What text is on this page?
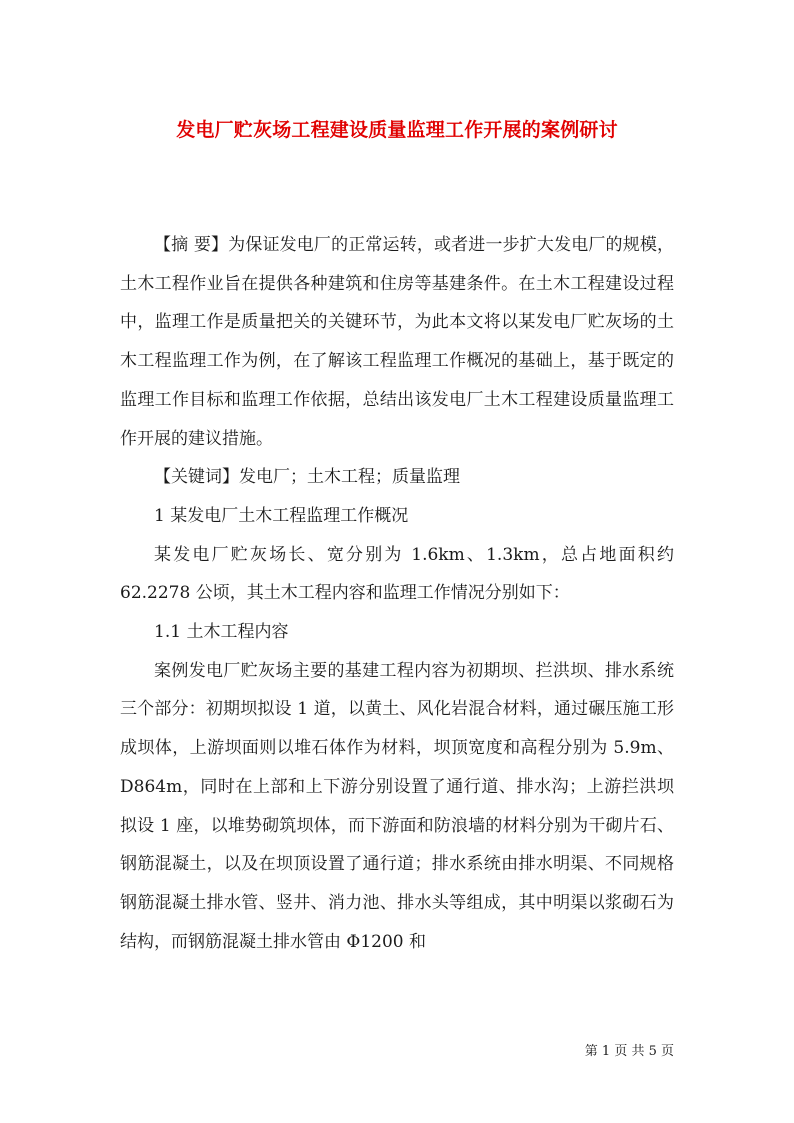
发电厂贮灰场工程建设质量监理工作开展的案例研讨

【摘 要】为保证发电厂的正常运转，或者进一步扩大发电厂的规模，土木工程作业旨在提供各种建筑和住房等基建条件。在土木工程建设过程中，监理工作是质量把关的关键环节，为此本文将以某发电厂贮灰场的土木工程监理工作为例，在了解该工程监理工作概况的基础上，基于既定的监理工作目标和监理工作依据，总结出该发电厂土木工程建设质量监理工作开展的建议措施。

【关键词】发电厂；土木工程；质量监理

1 某发电厂土木工程监理工作概况

某发电厂贮灰场长、宽分别为 1.6km、1.3km，总占地面积约 62.2278 公顷，其土木工程内容和监理工作情况分别如下：

1.1 土木工程内容

案例发电厂贮灰场主要的基建工程内容为初期坝、拦洪坝、排水系统三个部分：初期坝拟设 1 道，以黄土、风化岩混合材料，通过碾压施工形成坝体，上游坝面则以堆石体作为材料，坝顶宽度和高程分别为 5.9m、D864m，同时在上部和上下游分别设置了通行道、排水沟；上游拦洪坝拟设 1 座，以堆势砌筑坝体，而下游面和防浪墙的材料分别为干砌片石、钢筋混凝土，以及在坝顶设置了通行道；排水系统由排水明渠、不同规格钢筋混凝土排水管、竖井、消力池、排水头等组成，其中明渠以浆砌石为结构，而钢筋混凝土排水管由 Φ1200 和

第 1 页 共 5 页
